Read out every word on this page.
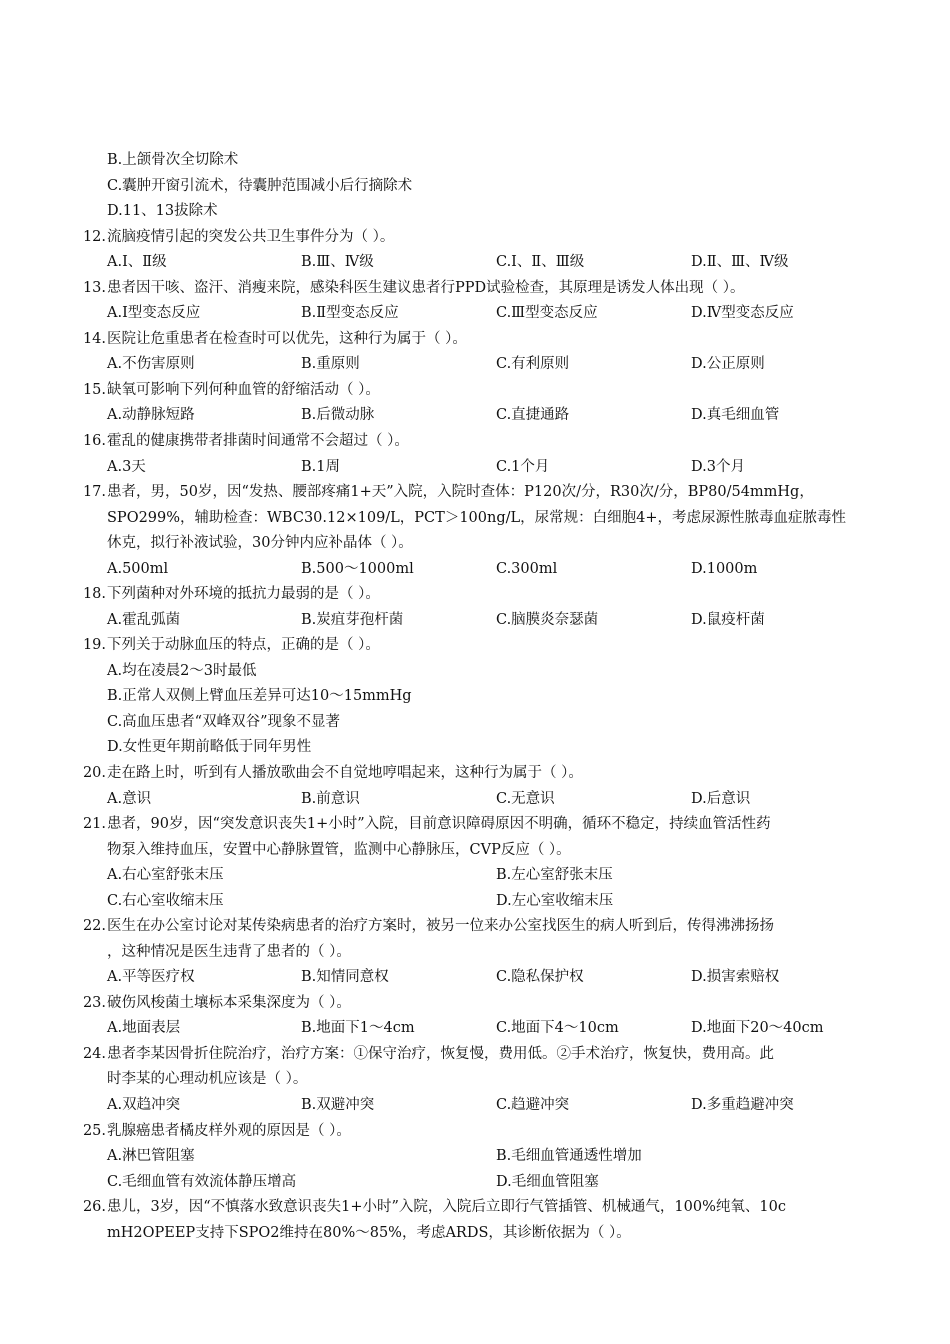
B.上颌骨次全切除术
C.囊肿开窗引流术，待囊肿范围减小后行摘除术
D.11、13拔除术
12. 流脑疫情引起的突发公共卫生事件分为（ ）。
A.Ⅰ、Ⅱ级	B.Ⅲ、Ⅳ级	C.Ⅰ、Ⅱ、Ⅲ级	D.Ⅱ、Ⅲ、Ⅳ级
13. 患者因干咳、盗汗、消瘦来院，感染科医生建议患者行PPD试验检查，其原理是诱发人体出现（ ）。
A.Ⅰ型变态反应	B.Ⅱ型变态反应	C.Ⅲ型变态反应	D.Ⅳ型变态反应
14. 医院让危重患者在检查时可以优先，这种行为属于（ ）。
A.不伤害原则	B.重原则	C.有利原则	D.公正原则
15. 缺氧可影响下列何种血管的舒缩活动（ ）。
A.动静脉短路	B.后微动脉	C.直捷通路	D.真毛细血管
16. 霍乱的健康携带者排菌时间通常不会超过（ ）。
A.3天	B.1周	C.1个月	D.3个月
17. 患者，男，50岁，因“发热、腰部疼痛1+天”入院，入院时查体：P120次/分，R30次/分，BP80/54mmHg，
SPO299%，辅助检查：WBC30.12×109/L，PCT＞100ng/L，尿常规：白细胞4+，考虑尿源性脓毒血症脓毒性
休克，拟行补液试验，30分钟内应补晶体（ ）。
A.500ml	B.500～1000ml	C.300ml	D.1000m
18. 下列菌种对外环境的抵抗力最弱的是（ ）。
A.霍乱弧菌	B.炭疽芽孢杆菌	C.脑膜炎奈瑟菌	D.鼠疫杆菌
19. 下列关于动脉血压的特点，正确的是（ ）。
A.均在凌晨2～3时最低
B.正常人双侧上臂血压差异可达10～15mmHg
C.高血压患者“双峰双谷”现象不显著
D.女性更年期前略低于同年男性
20. 走在路上时，听到有人播放歌曲会不自觉地哼唱起来，这种行为属于（ ）。
A.意识	B.前意识	C.无意识	D.后意识
21. 患者，90岁，因“突发意识丧失1+小时”入院，目前意识障碍原因不明确，循环不稳定，持续血管活性药
物泵入维持血压，安置中心静脉置管，监测中心静脉压，CVP反应（ ）。
A.右心室舒张末压	B.左心室舒张末压
C.右心室收缩末压	D.左心室收缩末压
22. 医生在办公室讨论对某传染病患者的治疗方案时，被另一位来办公室找医生的病人听到后，传得沸沸扬扬
，这种情况是医生违背了患者的（ ）。
A.平等医疗权	B.知情同意权	C.隐私保护权	D.损害索赔权
23. 破伤风梭菌土壤标本采集深度为（ ）。
A.地面表层	B.地面下1～4cm	C.地面下4～10cm	D.地面下20～40cm
24. 患者李某因骨折住院治疗，治疗方案：①保守治疗，恢复慢，费用低。②手术治疗，恢复快，费用高。此
时李某的心理动机应该是（ ）。
A.双趋冲突	B.双避冲突	C.趋避冲突	D.多重趋避冲突
25. 乳腺癌患者橘皮样外观的原因是（ ）。
A.淋巴管阻塞	B.毛细血管通透性增加
C.毛细血管有效流体静压增高	D.毛细血管阻塞
26. 患儿，3岁，因“不慎落水致意识丧失1+小时”入院，入院后立即行气管插管、机械通气，100%纯氧、10c
mH2OPEEP支持下SPO2维持在80%～85%，考虑ARDS，其诊断依据为（ ）。
